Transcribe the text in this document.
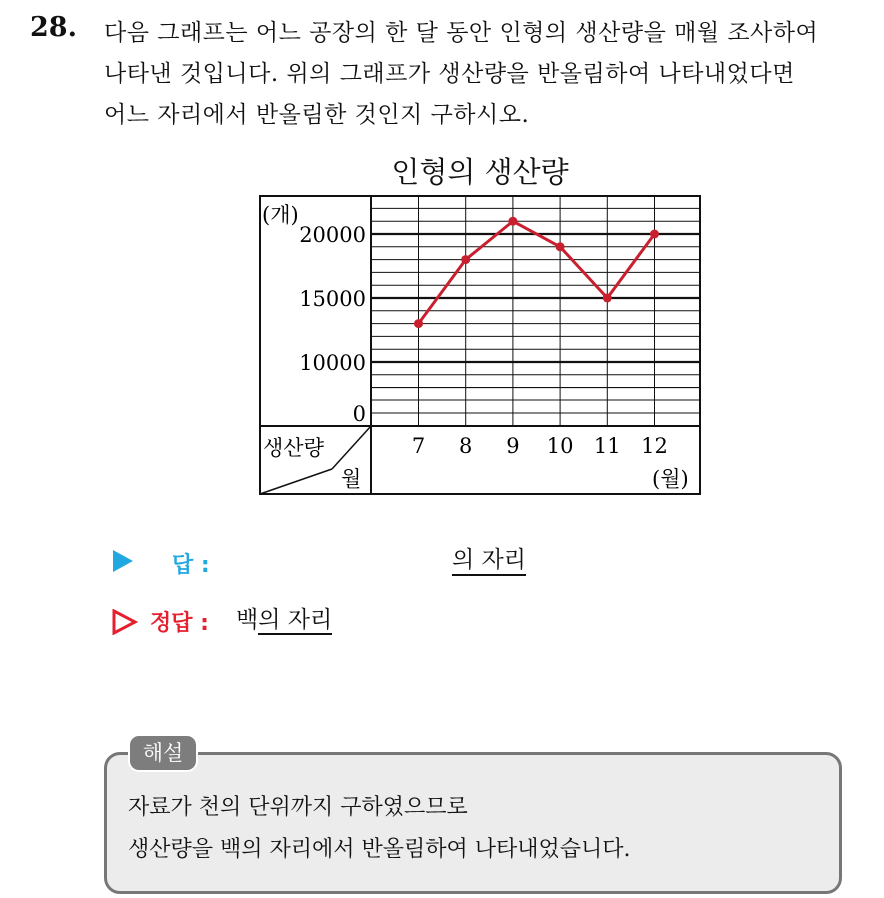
28. 다음 그래프는 어느 공장의 한 달 동안 인형의 생산량을 매월 조사하여
나타낸 것입니다. 위의 그래프가 생산량을 반올림하여 나타내었다면
어느 자리에서 반올림한 것인지 구하시오.
인형의 생산량
(개)
20000
15000
10000
0
생산량
월	(월)
7 8 9 10 11 12
답 :	의 자리
정답 : 백의 자리
해설
자료가 천의 단위까지 구하였으므로
생산량을 백의 자리에서 반올림하여 나타내었습니다.
